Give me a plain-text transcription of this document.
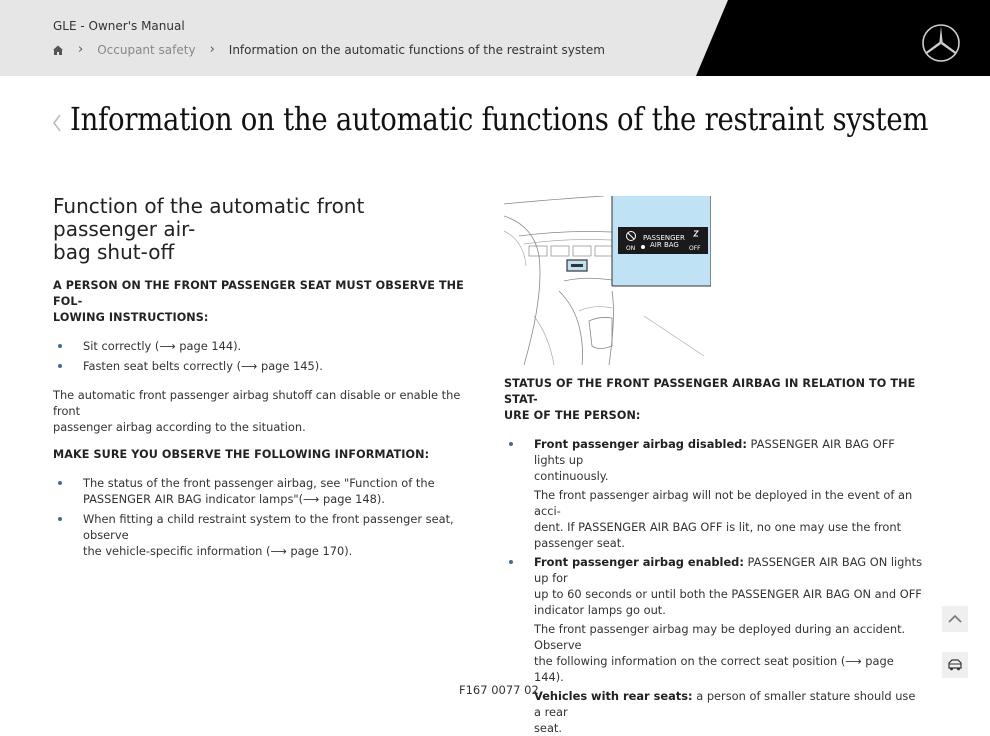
GLE - Owner's Manual
› Occupant safety › Information on the automatic functions of the restraint system
Information on the automatic functions of the restraint system
Function of the automatic front passenger air-
bag shut-off
A PERSON ON THE FRONT PASSENGER SEAT MUST OBSERVE THE FOL-
LOWING INSTRUCTIONS:
Sit correctly (⟶ page 144).
Fasten seat belts correctly (⟶ page 145).
The automatic front passenger airbag shutoff can disable or enable the front
passenger airbag according to the situation.
MAKE SURE YOU OBSERVE THE FOLLOWING INFORMATION:
The status of the front passenger airbag, see "Function of the
PASSENGER AIR BAG indicator lamps"(⟶ page 148).
When fitting a child restraint system to the front passenger seat, observe
the vehicle-specific information (⟶ page 170).
PASSENGER
AIR BAG
ON	OFF
STATUS OF THE FRONT PASSENGER AIRBAG IN RELATION TO THE STAT-
URE OF THE PERSON:
Front passenger airbag disabled: PASSENGER AIR BAG OFF lights up
continuously.

The front passenger airbag will not be deployed in the event of an acci-
dent. If PASSENGER AIR BAG OFF is lit, no one may use the front
passenger seat.

Front passenger airbag enabled: PASSENGER AIR BAG ON lights up for
up to 60 seconds or until both the PASSENGER AIR BAG ON and OFF
indicator lamps go out.

The front passenger airbag may be deployed during an accident. Observe
the following information on the correct seat position (⟶ page 144).

Vehicles with rear seats: a person of smaller stature should use a rear
seat.

F167 0077 02
